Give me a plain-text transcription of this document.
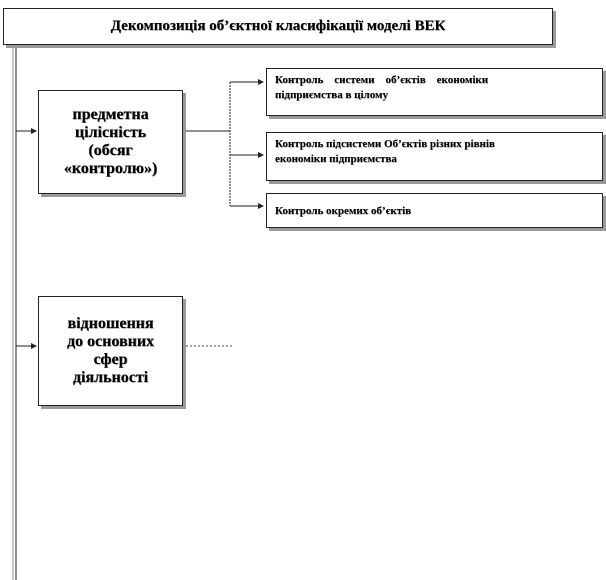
Декомпозиція об’єктної класифікації моделі ВЕК
предметна
цілісність
(обсяг
«контролю»)
відношення
до основних
сфер
діяльності
Контроль    системи    об’єктів    економіки
підприємства в цілому
Контроль підсистеми Об’єктів різних рівнів
економіки підприємства
Контроль окремих об’єктів
